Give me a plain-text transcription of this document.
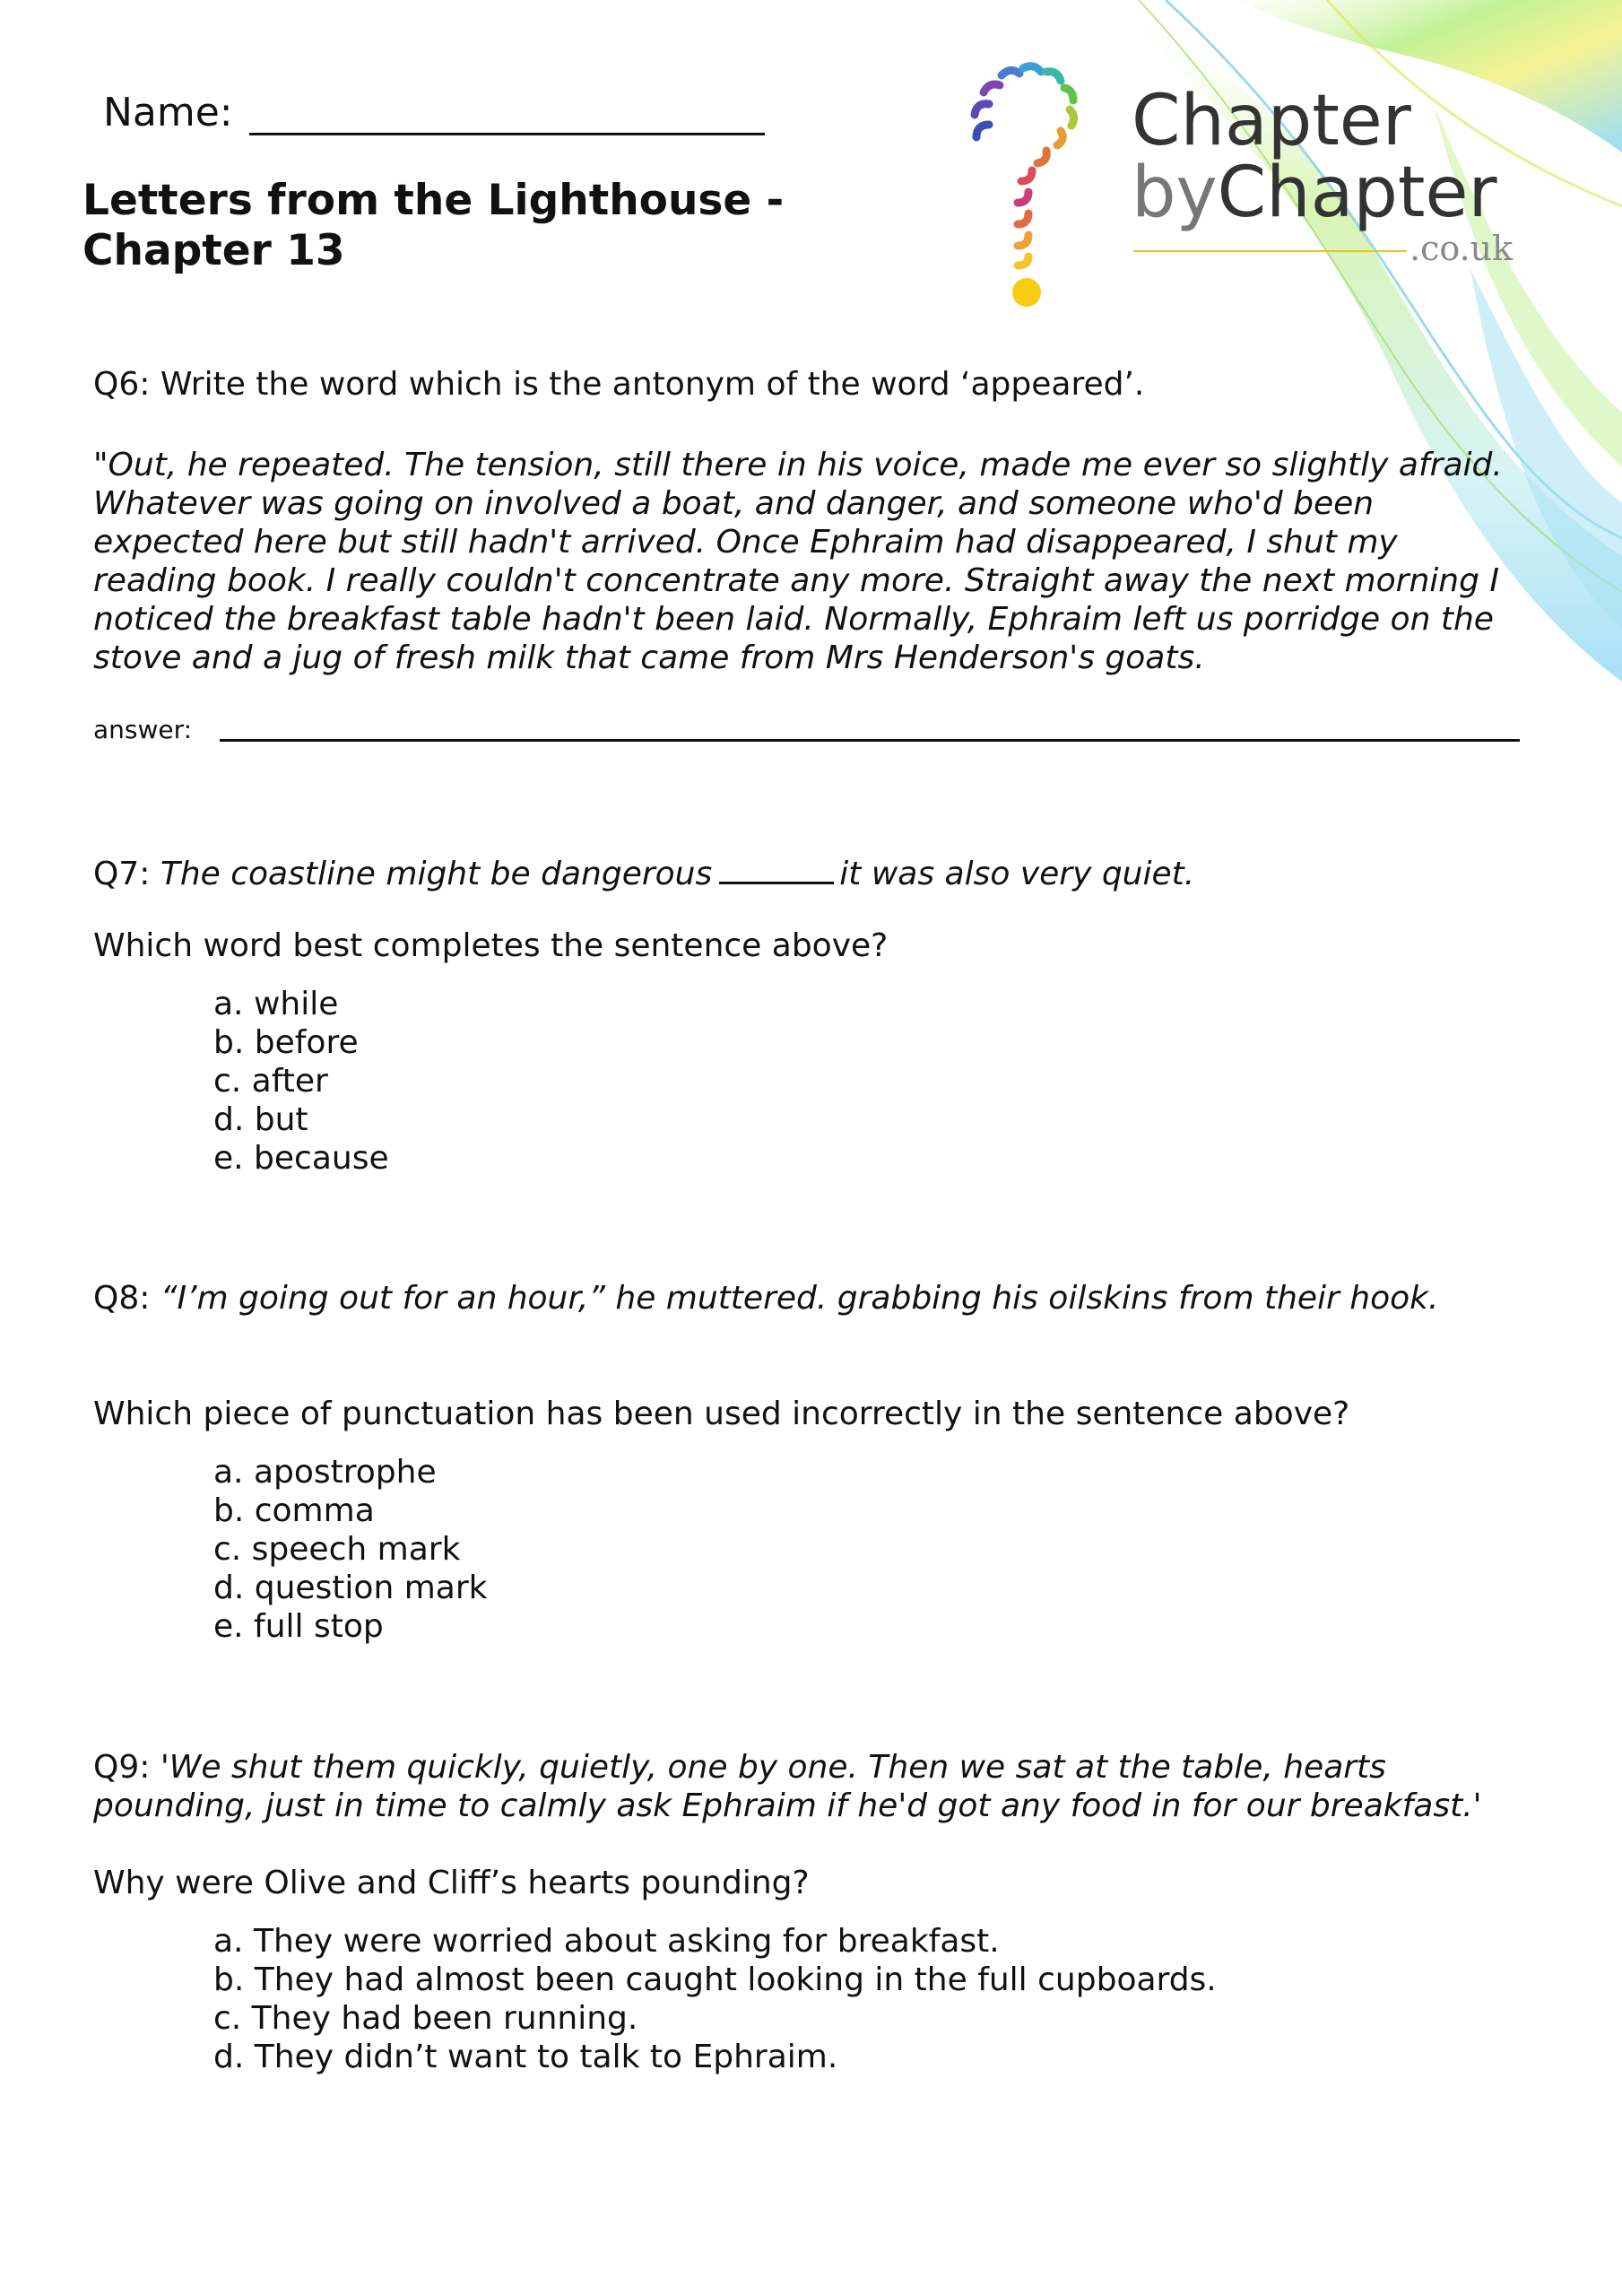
Name:
Letters from the Lighthouse -
Chapter 13
Chapter
byChapter
.co.uk
Q6: Write the word which is the antonym of the word ‘appeared’.
"Out, he repeated. The tension, still there in his voice, made me ever so slightly afraid.
Whatever was going on involved a boat, and danger, and someone who'd been
expected here but still hadn't arrived. Once Ephraim had disappeared, I shut my
reading book. I really couldn't concentrate any more. Straight away the next morning I
noticed the breakfast table hadn't been laid. Normally, Ephraim left us porridge on the
stove and a jug of fresh milk that came from Mrs Henderson's goats.
answer:
Q7: The coastline might be dangerous	it was also very quiet.
Which word best completes the sentence above?
a. while
b. before
c. after
d. but
e. because
Q8: “I’m going out for an hour,” he muttered. grabbing his oilskins from their hook.
Which piece of punctuation has been used incorrectly in the sentence above?
a. apostrophe
b. comma
c. speech mark
d. question mark
e. full stop
Q9: 'We shut them quickly, quietly, one by one. Then we sat at the table, hearts
pounding, just in time to calmly ask Ephraim if he'd got any food in for our breakfast.'
Why were Olive and Cliff’s hearts pounding?
a. They were worried about asking for breakfast.
b. They had almost been caught looking in the full cupboards.
c. They had been running.
d. They didn’t want to talk to Ephraim.
